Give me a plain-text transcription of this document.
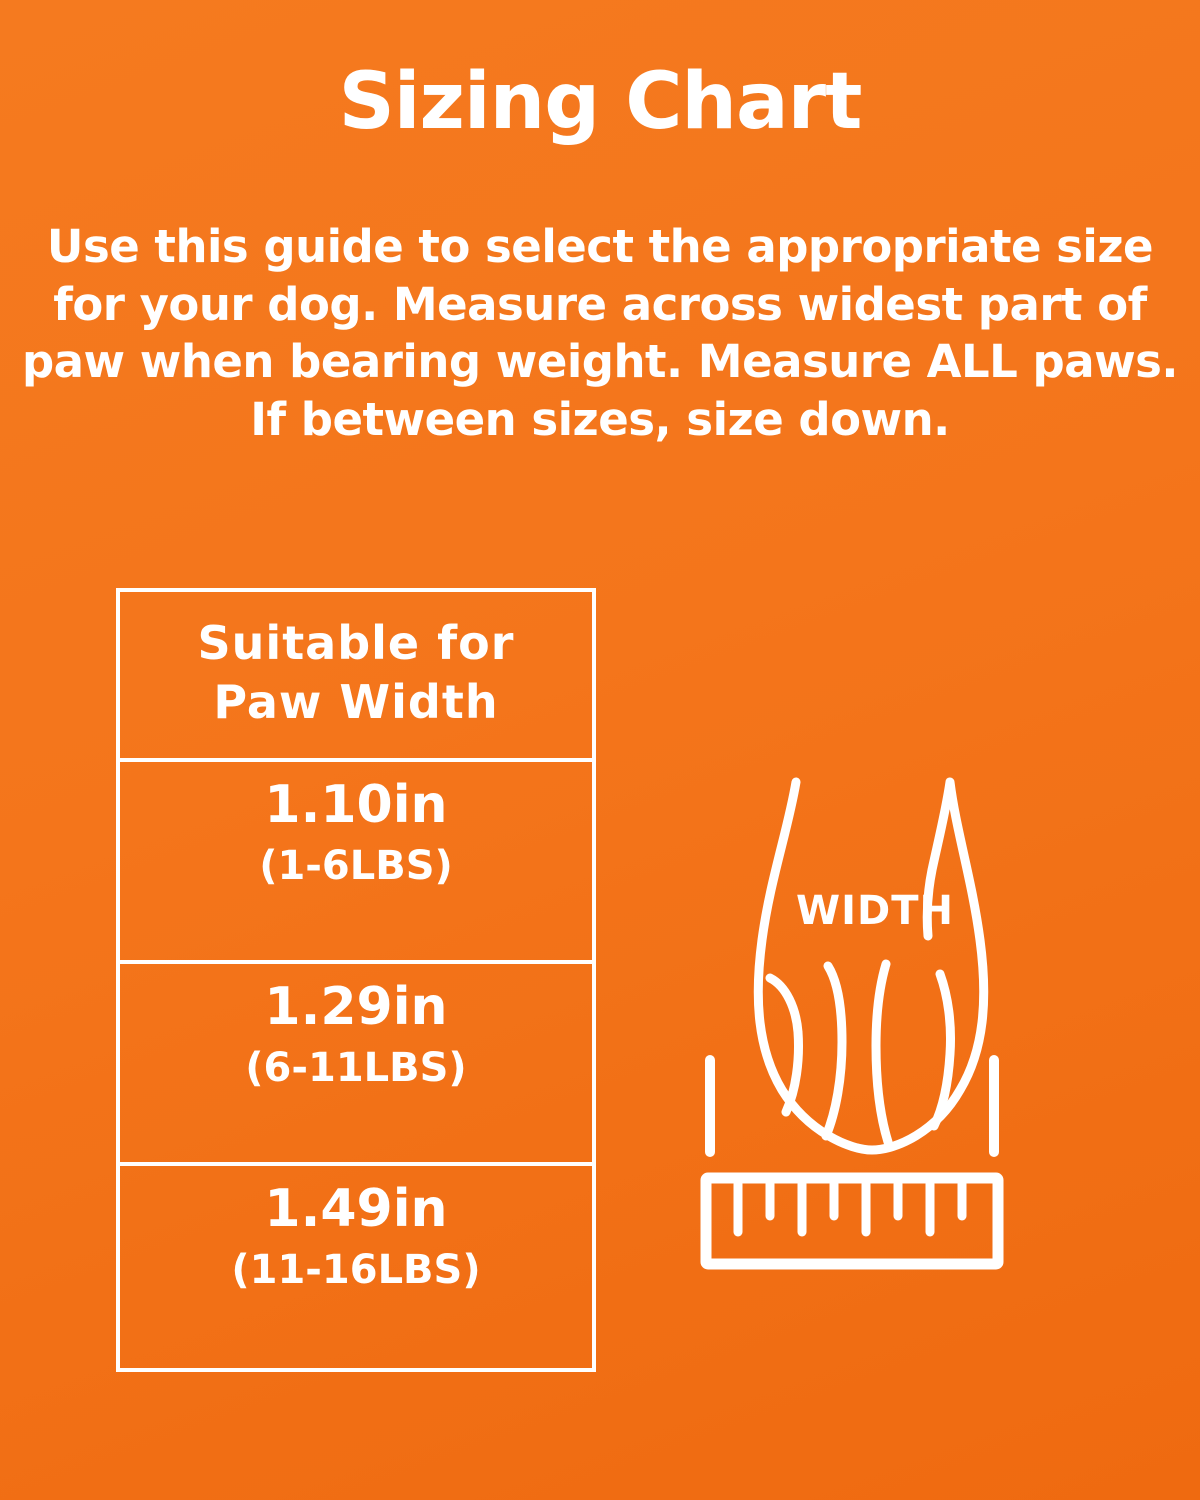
Sizing Chart
Use this guide to select the appropriate size for your dog. Measure across widest part of paw when bearing weight. Measure ALL paws. If between sizes, size down.
Suitable for
Paw Width
1.10in
(1-6LBS)
1.29in
(6-11LBS)
1.49in
(11-16LBS)
WIDTH
